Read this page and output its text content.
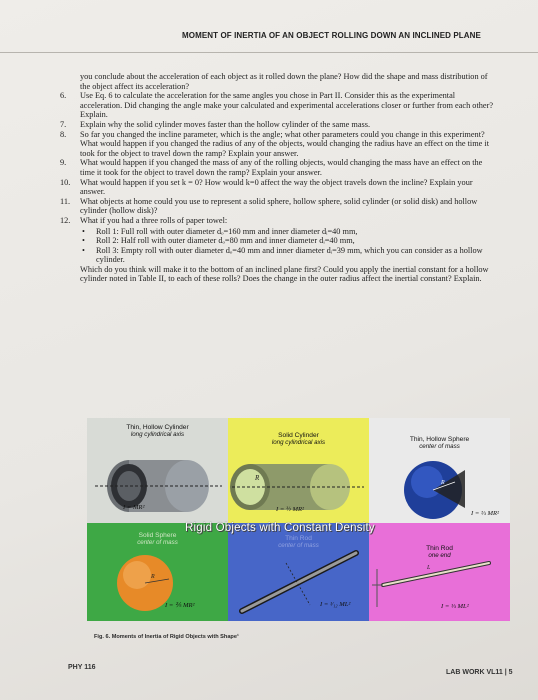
MOMENT OF INERTIA OF AN OBJECT ROLLING DOWN AN INCLINED PLANE

you conclude about the acceleration of each object as it rolled down the plane? How did the shape and mass distribution of the object affect its acceleration?

6. Use Eq. 6 to calculate the acceleration for the same angles you chose in Part II. Consider this as the experimental acceleration. Did changing the angle make your calculated and experimental accelerations closer or further from each other? Explain.
7. Explain why the solid cylinder moves faster than the hollow cylinder of the same mass.
8. So far you changed the incline parameter, which is the angle; what other parameters could you change in this experiment? What would happen if you changed the radius of any of the objects, would changing the radius have an effect on the time it took for the object to travel down the ramp? Explain your answer.
9. What would happen if you changed the mass of any of the rolling objects, would changing the mass have an effect on the time it took for the object to travel down the ramp? Explain your answer.
10. What would happen if you set k = 0? How would k=0 affect the way the object travels down the incline? Explain your answer.
11. What objects at home could you use to represent a solid sphere, hollow sphere, solid cylinder (or solid disk) and hollow cylinder (hollow disk)?
12. What if you had a three rolls of paper towel:
• Roll 1: Full roll with outer diameter dₒ=160 mm and inner diameter dᵢ=40 mm,
• Roll 2: Half roll with outer diameter dₒ=80 mm and inner diameter dᵢ=40 mm,
• Roll 3: Empty roll with outer diameter dₒ=40 mm and inner diameter dᵢ=39 mm, which you can consider as a hollow cylinder.

Which do you think will make it to the bottom of an inclined plane first? Could you apply the inertial constant for a hollow cylinder noted in Table II, to each of these rolls? Does the change in the outer radius affect the inertial constant? Explain.

Thin, Hollow Cylinder
long cylindrical axis
I = MR²
R
Solid Cylinder
long cylindrical axis
I = ½ MR²
R
Thin, Hollow Sphere
center of mass
I = ⅔ MR²
R
Solid Sphere
center of mass
I = ⅖ MR²
Thin Rod
center of mass
I = ¹⁄₁₂ ML²
L
Thin Rod
one end
I = ⅓ ML²
Rigid Objects with Constant Density
Fig. 6. Moments of Inertia of Rigid Objects with Shape¹
PHY 116
LAB WORK VL11 | 5
